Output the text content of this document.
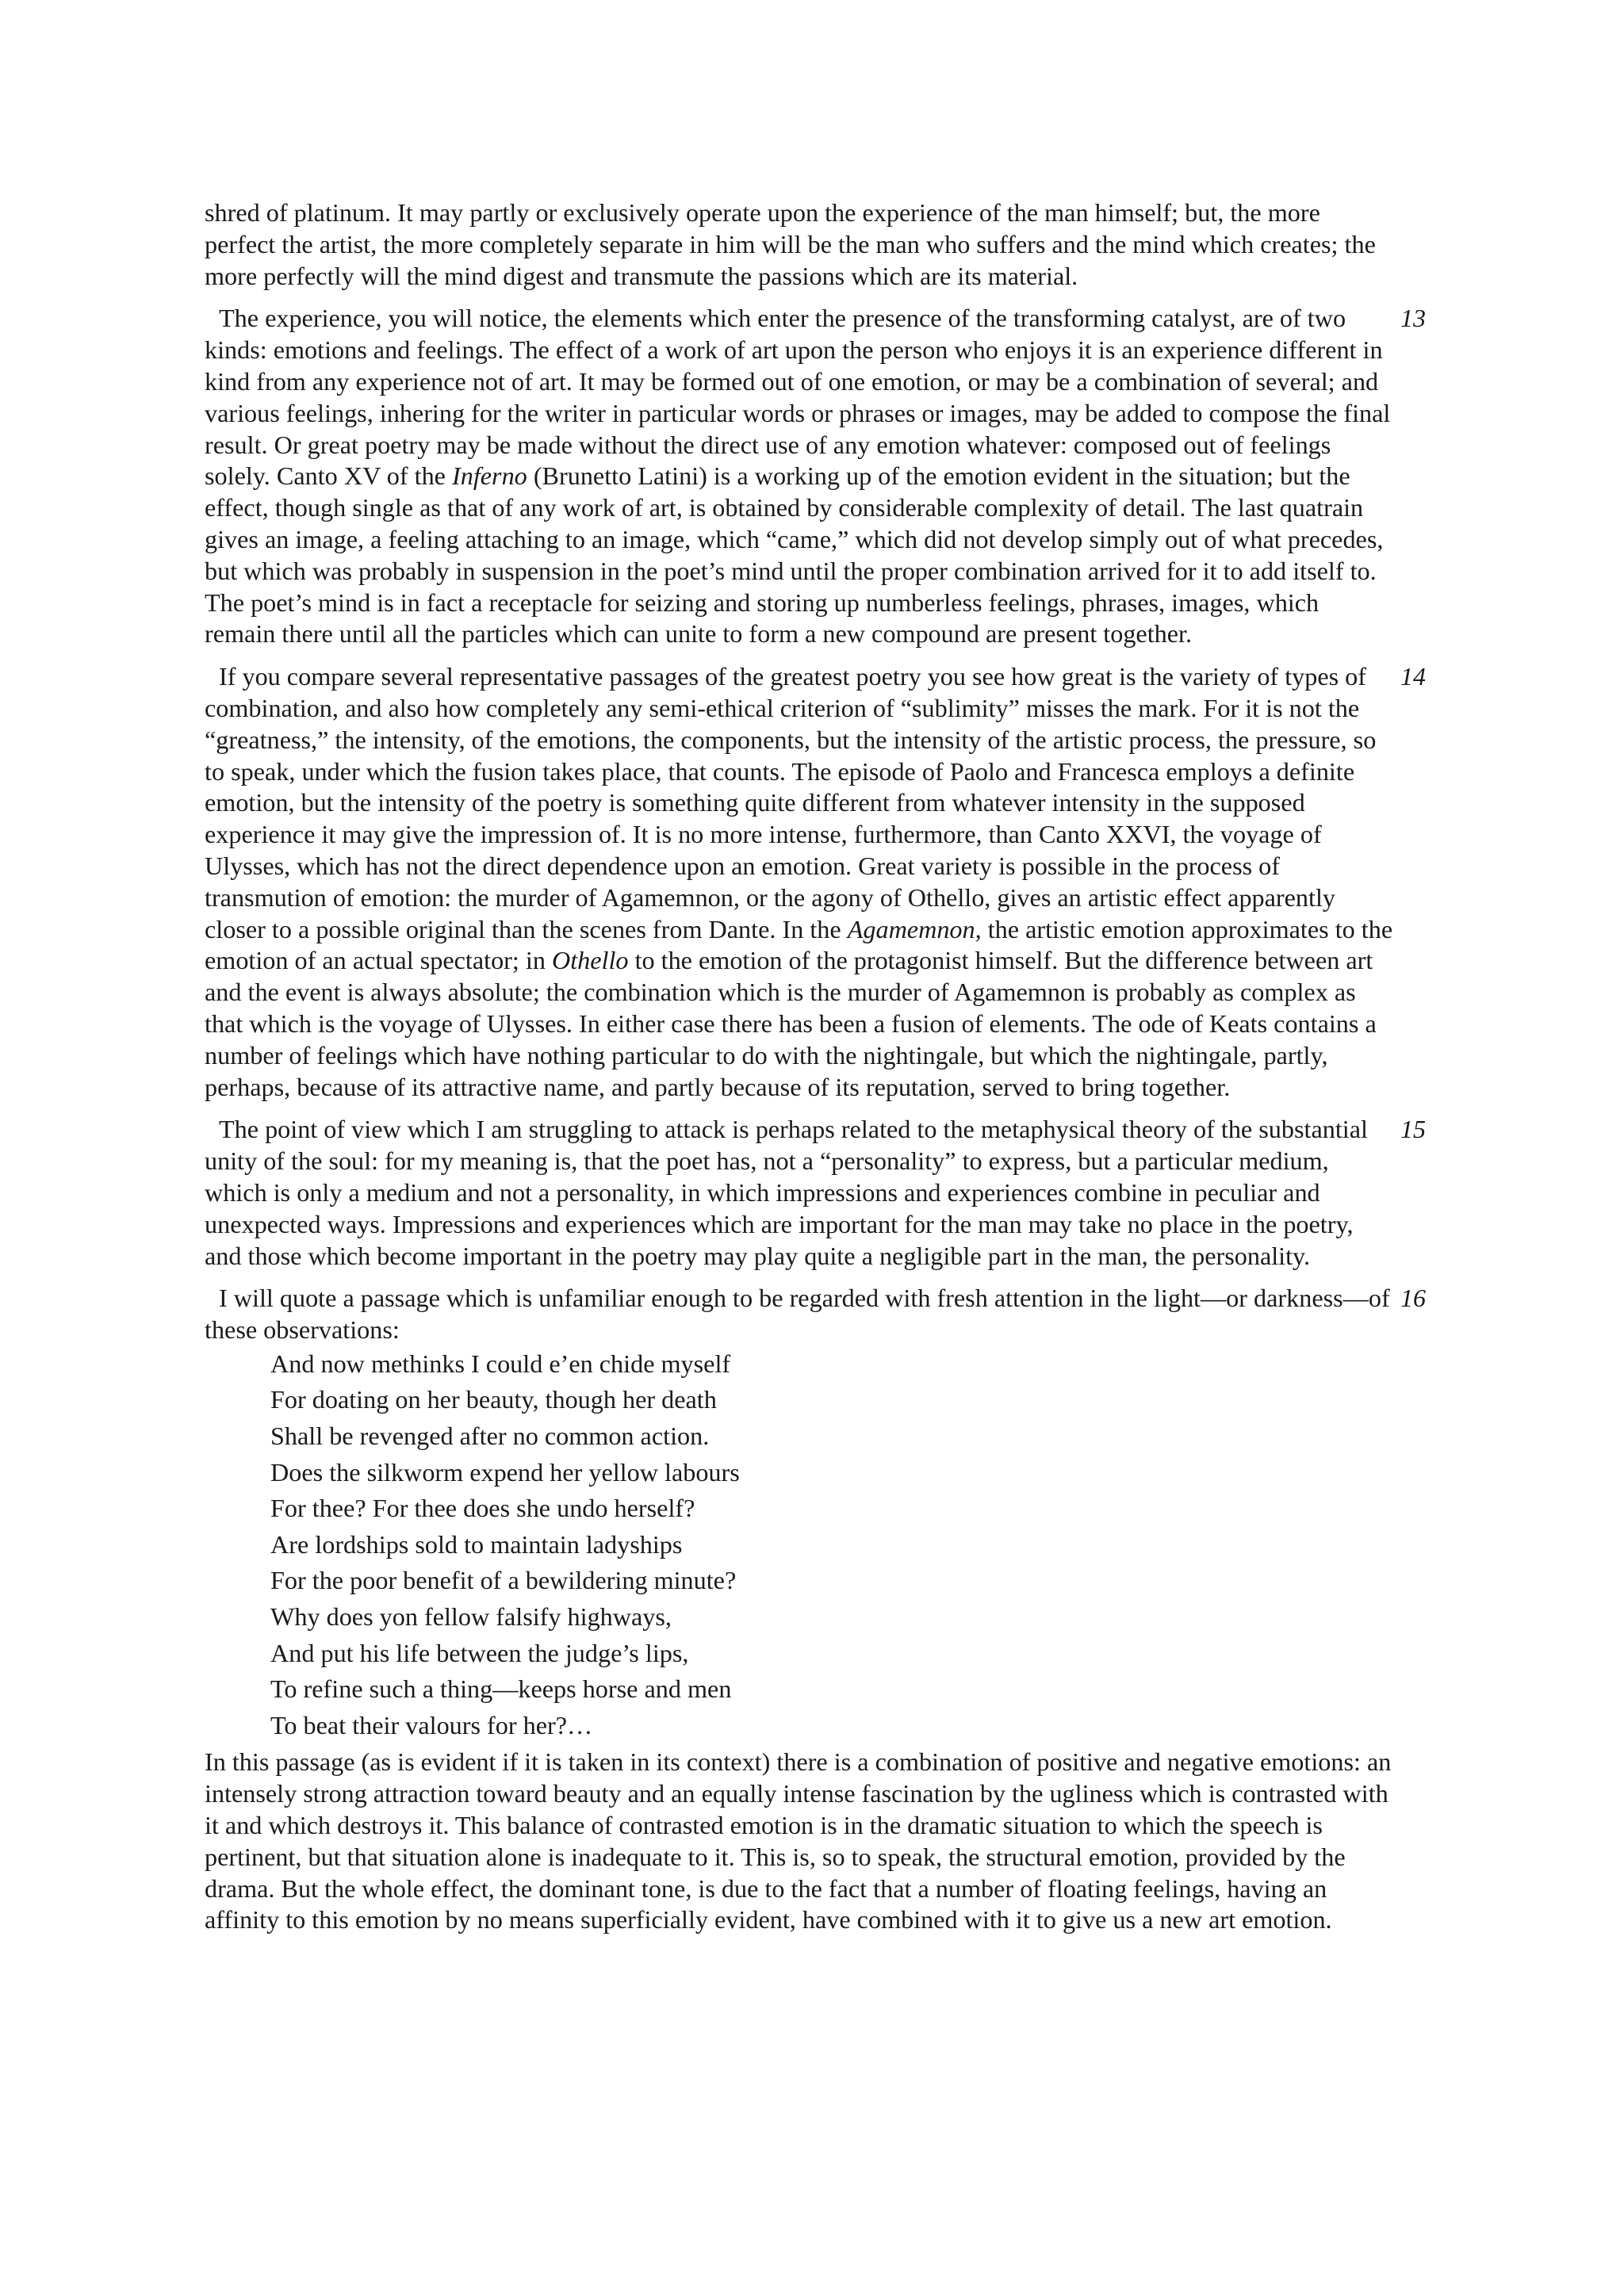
shred of platinum. It may partly or exclusively operate upon the experience of the man himself; but, the more perfect the artist, the more completely separate in him will be the man who suffers and the mind which creates; the more perfectly will the mind digest and transmute the passions which are its material.
13
The experience, you will notice, the elements which enter the presence of the transforming catalyst, are of two kinds: emotions and feelings. The effect of a work of art upon the person who enjoys it is an experience different in kind from any experience not of art. It may be formed out of one emotion, or may be a combination of several; and various feelings, inhering for the writer in particular words or phrases or images, may be added to compose the final result. Or great poetry may be made without the direct use of any emotion whatever: composed out of feelings solely. Canto XV of the Inferno (Brunetto Latini) is a working up of the emotion evident in the situation; but the effect, though single as that of any work of art, is obtained by considerable complexity of detail. The last quatrain gives an image, a feeling attaching to an image, which “came,” which did not develop simply out of what precedes, but which was probably in suspension in the poet’s mind until the proper combination arrived for it to add itself to. The poet’s mind is in fact a receptacle for seizing and storing up numberless feelings, phrases, images, which remain there until all the particles which can unite to form a new compound are present together.
14
If you compare several representative passages of the greatest poetry you see how great is the variety of types of combination, and also how completely any semi-ethical criterion of “sublimity” misses the mark. For it is not the “greatness,” the intensity, of the emotions, the components, but the intensity of the artistic process, the pressure, so to speak, under which the fusion takes place, that counts. The episode of Paolo and Francesca employs a definite emotion, but the intensity of the poetry is something quite different from whatever intensity in the supposed experience it may give the impression of. It is no more intense, furthermore, than Canto XXVI, the voyage of Ulysses, which has not the direct dependence upon an emotion. Great variety is possible in the process of transmution of emotion: the murder of Agamemnon, or the agony of Othello, gives an artistic effect apparently closer to a possible original than the scenes from Dante. In the Agamemnon, the artistic emotion approximates to the emotion of an actual spectator; in Othello to the emotion of the protagonist himself. But the difference between art and the event is always absolute; the combination which is the murder of Agamemnon is probably as complex as that which is the voyage of Ulysses. In either case there has been a fusion of elements. The ode of Keats contains a number of feelings which have nothing particular to do with the nightingale, but which the nightingale, partly, perhaps, because of its attractive name, and partly because of its reputation, served to bring together.
15
The point of view which I am struggling to attack is perhaps related to the metaphysical theory of the substantial unity of the soul: for my meaning is, that the poet has, not a “personality” to express, but a particular medium, which is only a medium and not a personality, in which impressions and experiences combine in peculiar and unexpected ways. Impressions and experiences which are important for the man may take no place in the poetry, and those which become important in the poetry may play quite a negligible part in the man, the personality.
16
I will quote a passage which is unfamiliar enough to be regarded with fresh attention in the light—or darkness—of these observations:
And now methinks I could e’en chide myself
For doating on her beauty, though her death
Shall be revenged after no common action.
Does the silkworm expend her yellow labours
For thee? For thee does she undo herself?
Are lordships sold to maintain ladyships
For the poor benefit of a bewildering minute?
Why does yon fellow falsify highways,
And put his life between the judge’s lips,
To refine such a thing—keeps horse and men
To beat their valours for her?…
In this passage (as is evident if it is taken in its context) there is a combination of positive and negative emotions: an intensely strong attraction toward beauty and an equally intense fascination by the ugliness which is contrasted with it and which destroys it. This balance of contrasted emotion is in the dramatic situation to which the speech is pertinent, but that situation alone is inadequate to it. This is, so to speak, the structural emotion, provided by the drama. But the whole effect, the dominant tone, is due to the fact that a number of floating feelings, having an affinity to this emotion by no means superficially evident, have combined with it to give us a new art emotion.
